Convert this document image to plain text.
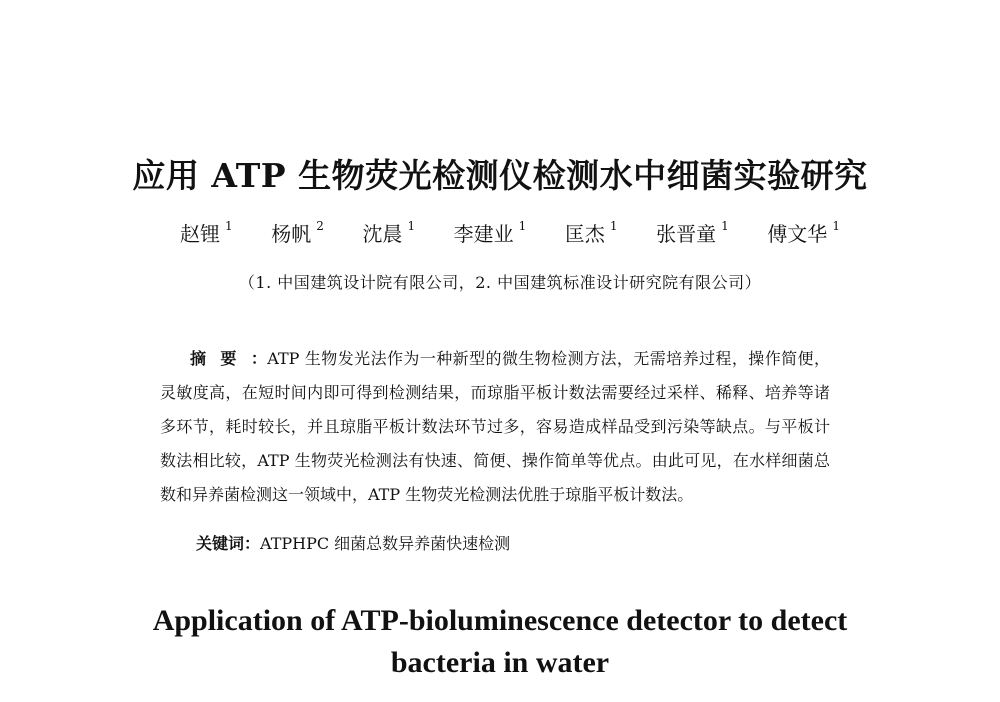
应用 ATP 生物荧光检测仪检测水中细菌实验研究
赵锂 $^1$ 杨帆 $^2$ 沈晨 $^1$ 李建业 $^1$ 匡杰 $^1$ 张晋童 $^1$ 傅文华 $^1$
（1. 中国建筑设计院有限公司，2. 中国建筑标准设计研究院有限公司）
摘要：ATP 生物发光法作为一种新型的微生物检测方法，无需培养过程，操作简便，灵敏度高，在短时间内即可得到检测结果，而琼脂平板计数法需要经过采样、稀释、培养等诸多环节，耗时较长，并且琼脂平板计数法环节过多，容易造成样品受到污染等缺点。与平板计数法相比较，ATP 生物荧光检测法有快速、简便、操作简单等优点。由此可见，在水样细菌总数和异养菌检测这一领域中，ATP 生物荧光检测法优胜于琼脂平板计数法。
关键词：ATPHPC 细菌总数异养菌快速检测
Application of ATP-bioluminescence detector to detect bacteria in water
